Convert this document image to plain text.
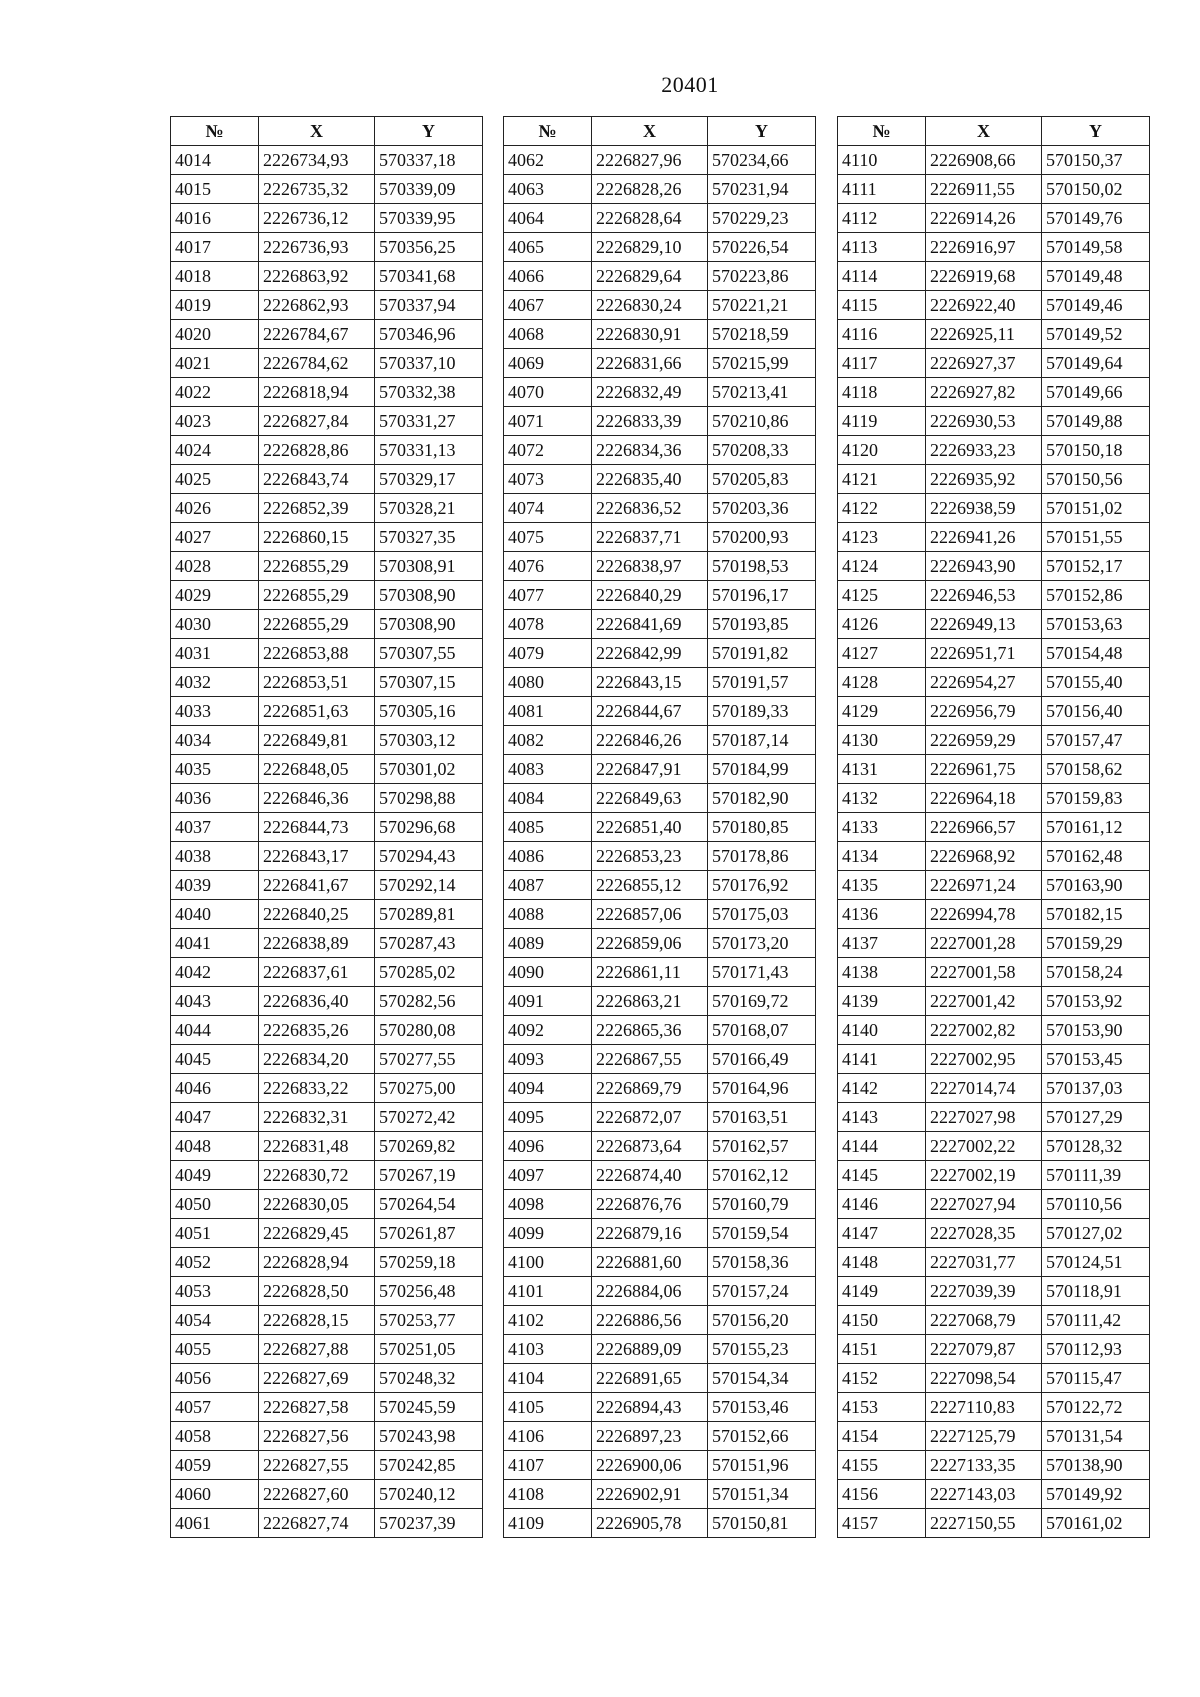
20401
№	X	Y
4014	2226734,93	570337,18
4015	2226735,32	570339,09
4016	2226736,12	570339,95
4017	2226736,93	570356,25
4018	2226863,92	570341,68
4019	2226862,93	570337,94
4020	2226784,67	570346,96
4021	2226784,62	570337,10
4022	2226818,94	570332,38
4023	2226827,84	570331,27
4024	2226828,86	570331,13
4025	2226843,74	570329,17
4026	2226852,39	570328,21
4027	2226860,15	570327,35
4028	2226855,29	570308,91
4029	2226855,29	570308,90
4030	2226855,29	570308,90
4031	2226853,88	570307,55
4032	2226853,51	570307,15
4033	2226851,63	570305,16
4034	2226849,81	570303,12
4035	2226848,05	570301,02
4036	2226846,36	570298,88
4037	2226844,73	570296,68
4038	2226843,17	570294,43
4039	2226841,67	570292,14
4040	2226840,25	570289,81
4041	2226838,89	570287,43
4042	2226837,61	570285,02
4043	2226836,40	570282,56
4044	2226835,26	570280,08
4045	2226834,20	570277,55
4046	2226833,22	570275,00
4047	2226832,31	570272,42
4048	2226831,48	570269,82
4049	2226830,72	570267,19
4050	2226830,05	570264,54
4051	2226829,45	570261,87
4052	2226828,94	570259,18
4053	2226828,50	570256,48
4054	2226828,15	570253,77
4055	2226827,88	570251,05
4056	2226827,69	570248,32
4057	2226827,58	570245,59
4058	2226827,56	570243,98
4059	2226827,55	570242,85
4060	2226827,60	570240,12
4061	2226827,74	570237,39
№	X	Y
4062	2226827,96	570234,66
4063	2226828,26	570231,94
4064	2226828,64	570229,23
4065	2226829,10	570226,54
4066	2226829,64	570223,86
4067	2226830,24	570221,21
4068	2226830,91	570218,59
4069	2226831,66	570215,99
4070	2226832,49	570213,41
4071	2226833,39	570210,86
4072	2226834,36	570208,33
4073	2226835,40	570205,83
4074	2226836,52	570203,36
4075	2226837,71	570200,93
4076	2226838,97	570198,53
4077	2226840,29	570196,17
4078	2226841,69	570193,85
4079	2226842,99	570191,82
4080	2226843,15	570191,57
4081	2226844,67	570189,33
4082	2226846,26	570187,14
4083	2226847,91	570184,99
4084	2226849,63	570182,90
4085	2226851,40	570180,85
4086	2226853,23	570178,86
4087	2226855,12	570176,92
4088	2226857,06	570175,03
4089	2226859,06	570173,20
4090	2226861,11	570171,43
4091	2226863,21	570169,72
4092	2226865,36	570168,07
4093	2226867,55	570166,49
4094	2226869,79	570164,96
4095	2226872,07	570163,51
4096	2226873,64	570162,57
4097	2226874,40	570162,12
4098	2226876,76	570160,79
4099	2226879,16	570159,54
4100	2226881,60	570158,36
4101	2226884,06	570157,24
4102	2226886,56	570156,20
4103	2226889,09	570155,23
4104	2226891,65	570154,34
4105	2226894,43	570153,46
4106	2226897,23	570152,66
4107	2226900,06	570151,96
4108	2226902,91	570151,34
4109	2226905,78	570150,81
№	X	Y
4110	2226908,66	570150,37
4111	2226911,55	570150,02
4112	2226914,26	570149,76
4113	2226916,97	570149,58
4114	2226919,68	570149,48
4115	2226922,40	570149,46
4116	2226925,11	570149,52
4117	2226927,37	570149,64
4118	2226927,82	570149,66
4119	2226930,53	570149,88
4120	2226933,23	570150,18
4121	2226935,92	570150,56
4122	2226938,59	570151,02
4123	2226941,26	570151,55
4124	2226943,90	570152,17
4125	2226946,53	570152,86
4126	2226949,13	570153,63
4127	2226951,71	570154,48
4128	2226954,27	570155,40
4129	2226956,79	570156,40
4130	2226959,29	570157,47
4131	2226961,75	570158,62
4132	2226964,18	570159,83
4133	2226966,57	570161,12
4134	2226968,92	570162,48
4135	2226971,24	570163,90
4136	2226994,78	570182,15
4137	2227001,28	570159,29
4138	2227001,58	570158,24
4139	2227001,42	570153,92
4140	2227002,82	570153,90
4141	2227002,95	570153,45
4142	2227014,74	570137,03
4143	2227027,98	570127,29
4144	2227002,22	570128,32
4145	2227002,19	570111,39
4146	2227027,94	570110,56
4147	2227028,35	570127,02
4148	2227031,77	570124,51
4149	2227039,39	570118,91
4150	2227068,79	570111,42
4151	2227079,87	570112,93
4152	2227098,54	570115,47
4153	2227110,83	570122,72
4154	2227125,79	570131,54
4155	2227133,35	570138,90
4156	2227143,03	570149,92
4157	2227150,55	570161,02
